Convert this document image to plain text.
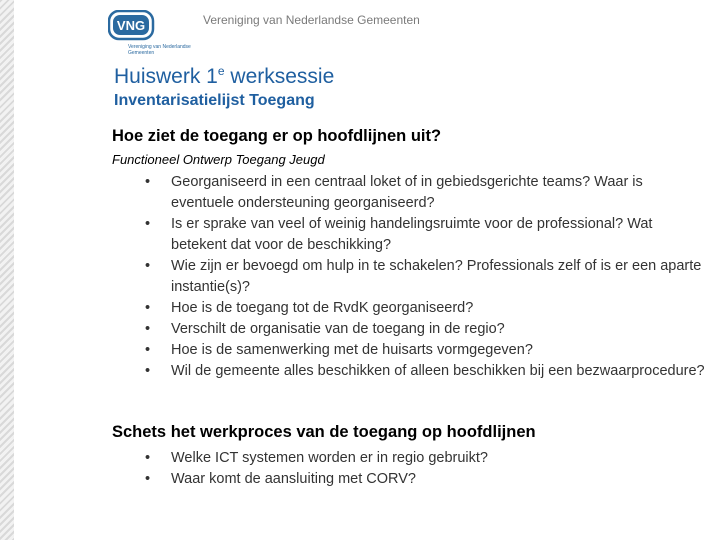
VNG
Vereniging van Nederlandse Gemeenten
Vereniging van Nederlandse Gemeenten
Huiswerk 1e werksessie
Inventarisatielijst Toegang
Hoe ziet de toegang er op hoofdlijnen uit?
Functioneel Ontwerp Toegang Jeugd
• Georganiseerd in een centraal loket of in gebiedsgerichte teams? Waar is eventuele ondersteuning georganiseerd?
• Is er sprake van veel of weinig handelingsruimte voor de professional? Wat betekent dat voor de beschikking?
• Wie zijn er bevoegd om hulp in te schakelen? Professionals zelf of is er een aparte instantie(s)?
• Hoe is de toegang tot de RvdK georganiseerd?
• Verschilt de organisatie van de toegang in de regio?
• Hoe is de samenwerking met de huisarts vormgegeven?
• Wil de gemeente alles beschikken of alleen beschikken bij een bezwaarprocedure?
Schets het werkproces van de toegang op hoofdlijnen
• Welke ICT systemen worden er in regio gebruikt?
• Waar komt de aansluiting met CORV?
